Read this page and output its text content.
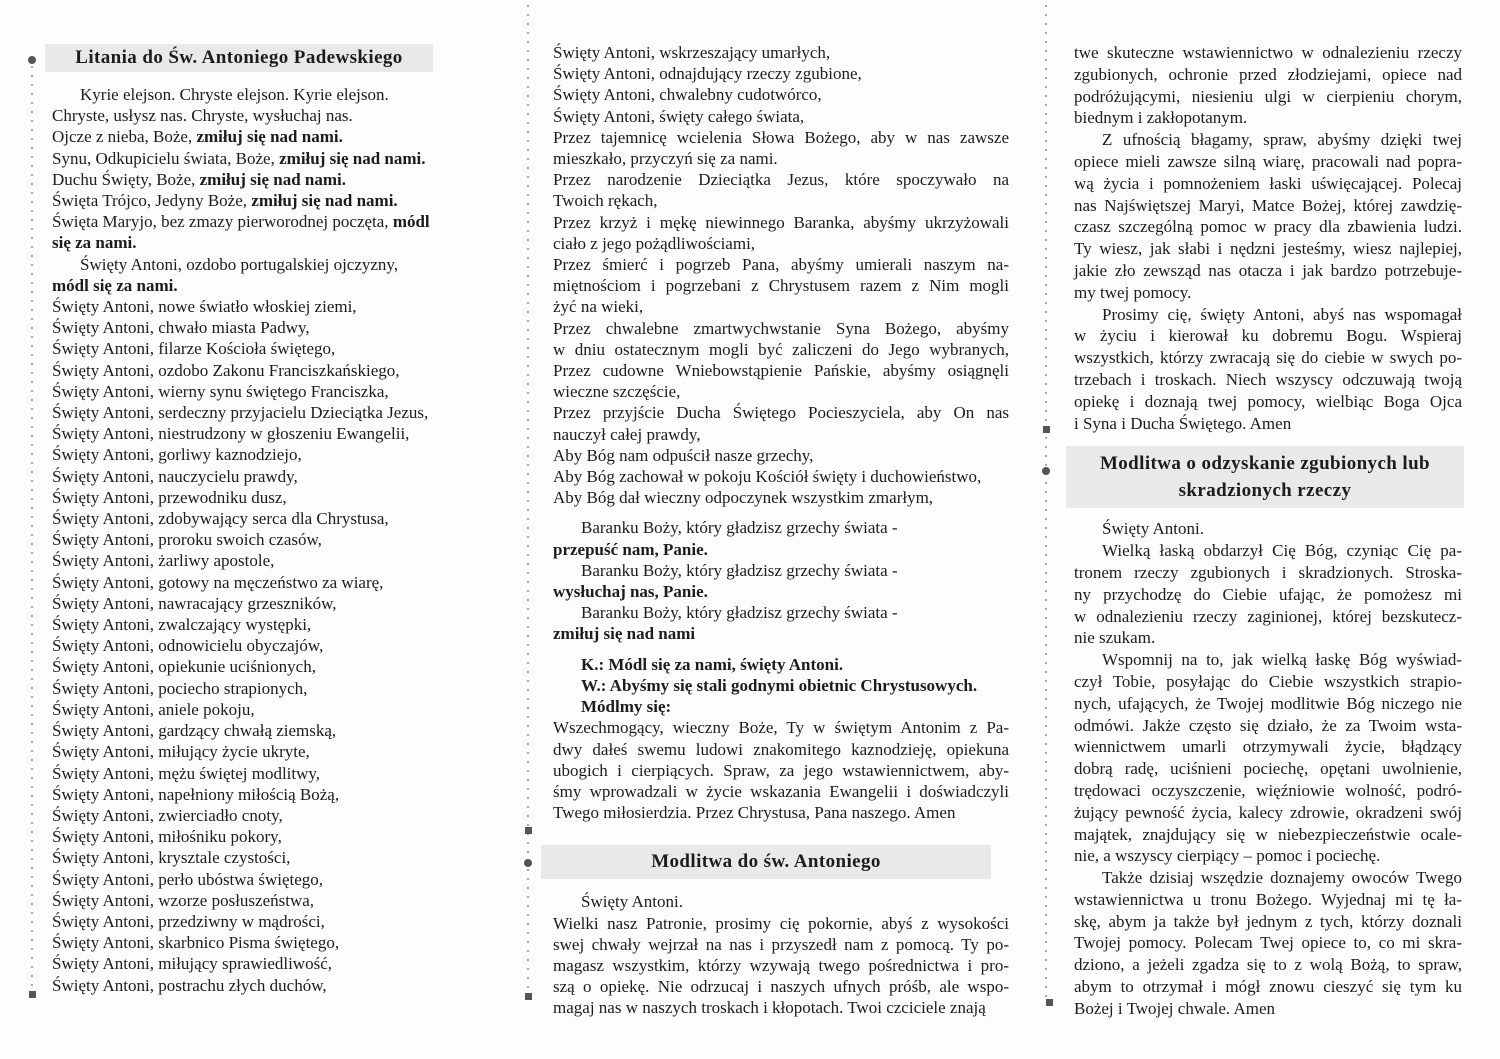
Litania do Św. Antoniego Padewskiego
Kyrie elejson. Chryste elejson. Kyrie elejson.
Chryste, usłysz nas. Chryste, wysłuchaj nas.
Ojcze z nieba, Boże, zmiłuj się nad nami.
Synu, Odkupicielu świata, Boże, zmiłuj się nad nami.
Duchu Święty, Boże, zmiłuj się nad nami.
Święta Trójco, Jedyny Boże, zmiłuj się nad nami.
Święta Maryjo, bez zmazy pierworodnej poczęta, módl
się za nami.
Święty Antoni, ozdobo portugalskiej ojczyzny,
módl się za nami.
Święty Antoni, nowe światło włoskiej ziemi,
Święty Antoni, chwało miasta Padwy,
Święty Antoni, filarze Kościoła świętego,
Święty Antoni, ozdobo Zakonu Franciszkańskiego,
Święty Antoni, wierny synu świętego Franciszka,
Święty Antoni, serdeczny przyjacielu Dzieciątka Jezus,
Święty Antoni, niestrudzony w głoszeniu Ewangelii,
Święty Antoni, gorliwy kaznodziejo,
Święty Antoni, nauczycielu prawdy,
Święty Antoni, przewodniku dusz,
Święty Antoni, zdobywający serca dla Chrystusa,
Święty Antoni, proroku swoich czasów,
Święty Antoni, żarliwy apostole,
Święty Antoni, gotowy na męczeństwo za wiarę,
Święty Antoni, nawracający grzeszników,
Święty Antoni, zwalczający występki,
Święty Antoni, odnowicielu obyczajów,
Święty Antoni, opiekunie uciśnionych,
Święty Antoni, pociecho strapionych,
Święty Antoni, aniele pokoju,
Święty Antoni, gardzący chwałą ziemską,
Święty Antoni, miłujący życie ukryte,
Święty Antoni, mężu świętej modlitwy,
Święty Antoni, napełniony miłością Bożą,
Święty Antoni, zwierciadło cnoty,
Święty Antoni, miłośniku pokory,
Święty Antoni, krysztale czystości,
Święty Antoni, perło ubóstwa świętego,
Święty Antoni, wzorze posłuszeństwa,
Święty Antoni, przedziwny w mądrości,
Święty Antoni, skarbnico Pisma świętego,
Święty Antoni, miłujący sprawiedliwość,
Święty Antoni, postrachu złych duchów,
Święty Antoni, wskrzeszający umarłych,
Święty Antoni, odnajdujący rzeczy zgubione,
Święty Antoni, chwalebny cudotwórco,
Święty Antoni, święty całego świata,
Przez tajemnicę wcielenia Słowa Bożego, aby w nas zawsze
mieszkało, przyczyń się za nami.
Przez narodzenie Dzieciątka Jezus, które spoczywało na
Twoich rękach,
Przez krzyż i mękę niewinnego Baranka, abyśmy ukrzyżowali
ciało z jego pożądliwościami,
Przez śmierć i pogrzeb Pana, abyśmy umierali naszym na-
miętnościom i pogrzebani z Chrystusem razem z Nim mogli
żyć na wieki,
Przez chwalebne zmartwychwstanie Syna Bożego, abyśmy
w dniu ostatecznym mogli być zaliczeni do Jego wybranych,
Przez cudowne Wniebowstąpienie Pańskie, abyśmy osiągnęli
wieczne szczęście,
Przez przyjście Ducha Świętego Pocieszyciela, aby On nas
nauczył całej prawdy,
Aby Bóg nam odpuścił nasze grzechy,
Aby Bóg zachował w pokoju Kościół święty i duchowieństwo,
Aby Bóg dał wieczny odpoczynek wszystkim zmarłym,
Baranku Boży, który gładzisz grzechy świata -
przepuść nam, Panie.
Baranku Boży, który gładzisz grzechy świata -
wysłuchaj nas, Panie.
Baranku Boży, który gładzisz grzechy świata -
zmiłuj się nad nami
K.: Módl się za nami, święty Antoni.
W.: Abyśmy się stali godnymi obietnic Chrystusowych.
Módlmy się:
Wszechmogący, wieczny Boże, Ty w świętym Antonim z Pa-
dwy dałeś swemu ludowi znakomitego kaznodzieję, opiekuna
ubogich i cierpiących. Spraw, za jego wstawiennictwem, aby-
śmy wprowadzali w życie wskazania Ewangelii i doświadczyli
Twego miłosierdzia. Przez Chrystusa, Pana naszego. Amen
Modlitwa do św. Antoniego
Święty Antoni.
Wielki nasz Patronie, prosimy cię pokornie, abyś z wysokości
swej chwały wejrzał na nas i przyszedł nam z pomocą. Ty po-
magasz wszystkim, którzy wzywają twego pośrednictwa i pro-
szą o opiekę. Nie odrzucaj i naszych ufnych próśb, ale wspo-
magaj nas w naszych troskach i kłopotach. Twoi czciciele znają
twe skuteczne wstawiennictwo w odnalezieniu rzeczy
zgubionych, ochronie przed złodziejami, opiece nad
podróżującymi, niesieniu ulgi w cierpieniu chorym,
biednym i zakłopotanym.
Z ufnością błagamy, spraw, abyśmy dzięki twej
opiece mieli zawsze silną wiarę, pracowali nad popra-
wą życia i pomnożeniem łaski uświęcającej. Polecaj
nas Najświętszej Maryi, Matce Bożej, której zawdzię-
czasz szczególną pomoc w pracy dla zbawienia ludzi.
Ty wiesz, jak słabi i nędzni jesteśmy, wiesz najlepiej,
jakie zło zewsząd nas otacza i jak bardzo potrzebuje-
my twej pomocy.
Prosimy cię, święty Antoni, abyś nas wspomagał
w życiu i kierował ku dobremu Bogu. Wspieraj
wszystkich, którzy zwracają się do ciebie w swych po-
trzebach i troskach. Niech wszyscy odczuwają twoją
opiekę i doznają twej pomocy, wielbiąc Boga Ojca
i Syna i Ducha Świętego. Amen
Modlitwa o odzyskanie zgubionych lub
skradzionych rzeczy
Święty Antoni.
Wielką łaską obdarzył Cię Bóg, czyniąc Cię pa-
tronem rzeczy zgubionych i skradzionych. Stroska-
ny przychodzę do Ciebie ufając, że pomożesz mi
w odnalezieniu rzeczy zaginionej, której bezskutecz-
nie szukam.
Wspomnij na to, jak wielką łaskę Bóg wyświad-
czył Tobie, posyłając do Ciebie wszystkich strapio-
nych, ufających, że Twojej modlitwie Bóg niczego nie
odmówi. Jakże często się działo, że za Twoim wsta-
wiennictwem umarli otrzymywali życie, błądzący
dobrą radę, uciśnieni pociechę, opętani uwolnienie,
trędowaci oczyszczenie, więźniowie wolność, podró-
żujący pewność życia, kalecy zdrowie, okradzeni swój
majątek, znajdujący się w niebezpieczeństwie ocale-
nie, a wszyscy cierpiący – pomoc i pociechę.
Także dzisiaj wszędzie doznajemy owoców Twego
wstawiennictwa u tronu Bożego. Wyjednaj mi tę ła-
skę, abym ja także był jednym z tych, którzy doznali
Twojej pomocy. Polecam Twej opiece to, co mi skra-
dziono, a jeżeli zgadza się to z wolą Bożą, to spraw,
abym to otrzymał i mógł znowu cieszyć się tym ku
Bożej i Twojej chwale. Amen
